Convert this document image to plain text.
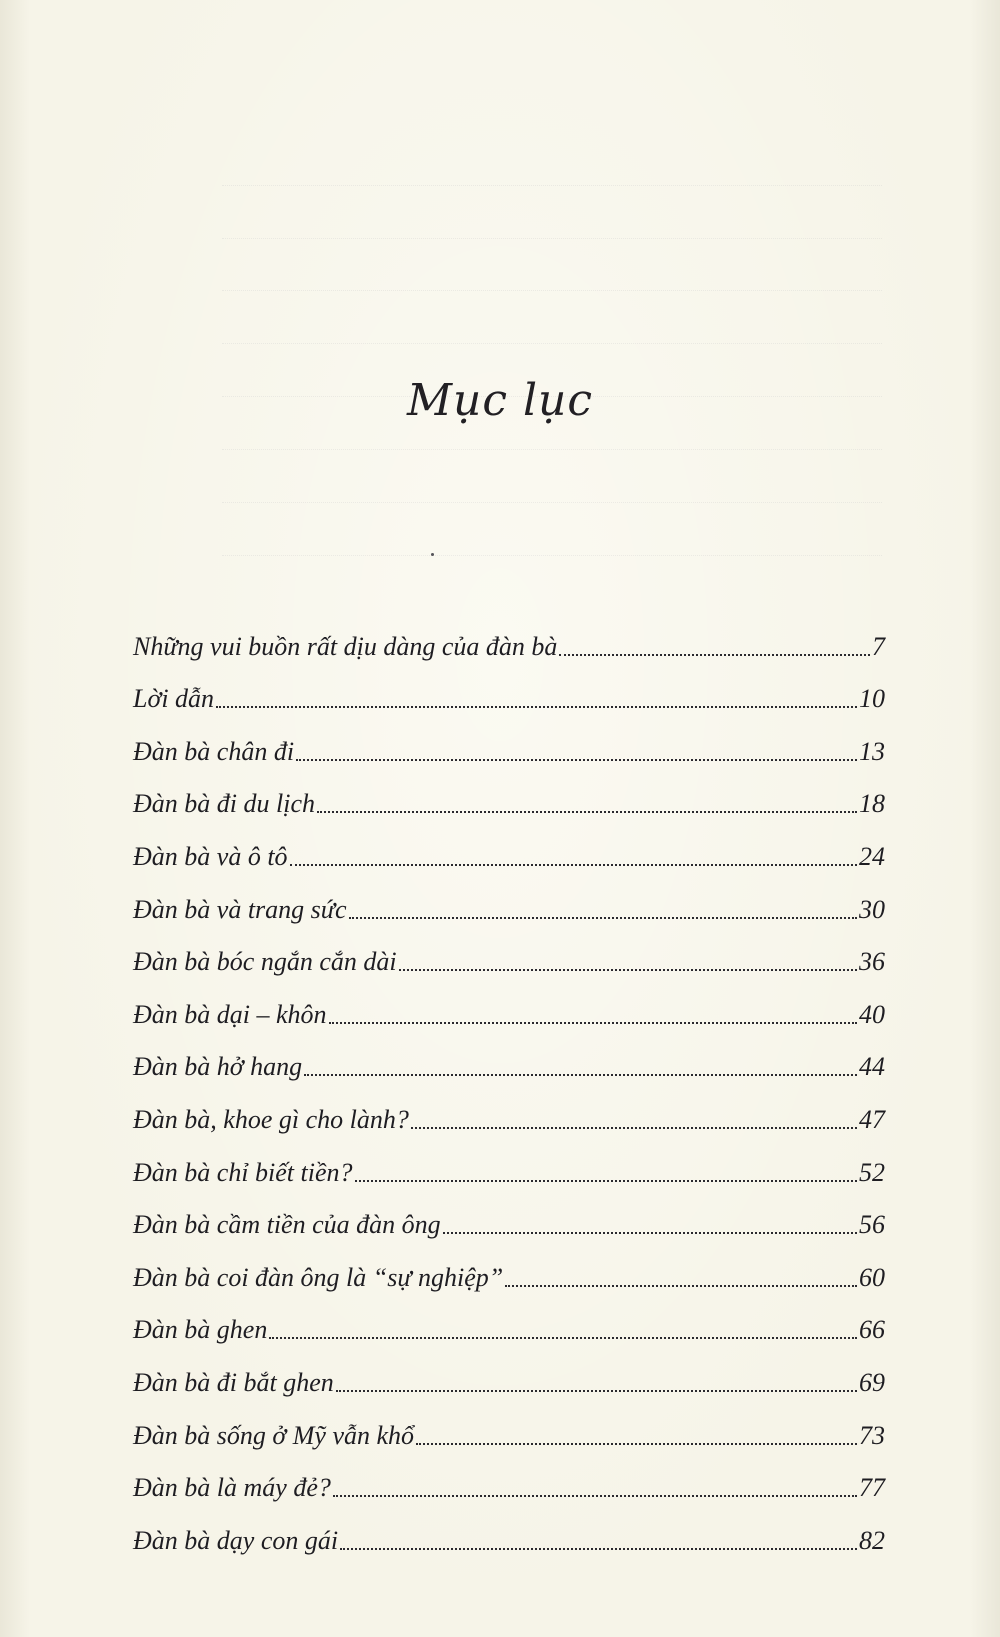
Mục lục
Những vui buồn rất dịu dàng của đàn bà	7
Lời dẫn	10
Đàn bà chân đi	13
Đàn bà đi du lịch	18
Đàn bà và ô tô	24
Đàn bà và trang sức	30
Đàn bà bóc ngắn cắn dài	36
Đàn bà dại – khôn	40
Đàn bà hở hang	44
Đàn bà, khoe gì cho lành?	47
Đàn bà chỉ biết tiền?	52
Đàn bà cầm tiền của đàn ông	56
Đàn bà coi đàn ông là “sự nghiệp”	60
Đàn bà ghen	66
Đàn bà đi bắt ghen	69
Đàn bà sống ở Mỹ vẫn khổ	73
Đàn bà là máy đẻ?	77
Đàn bà dạy con gái	82
